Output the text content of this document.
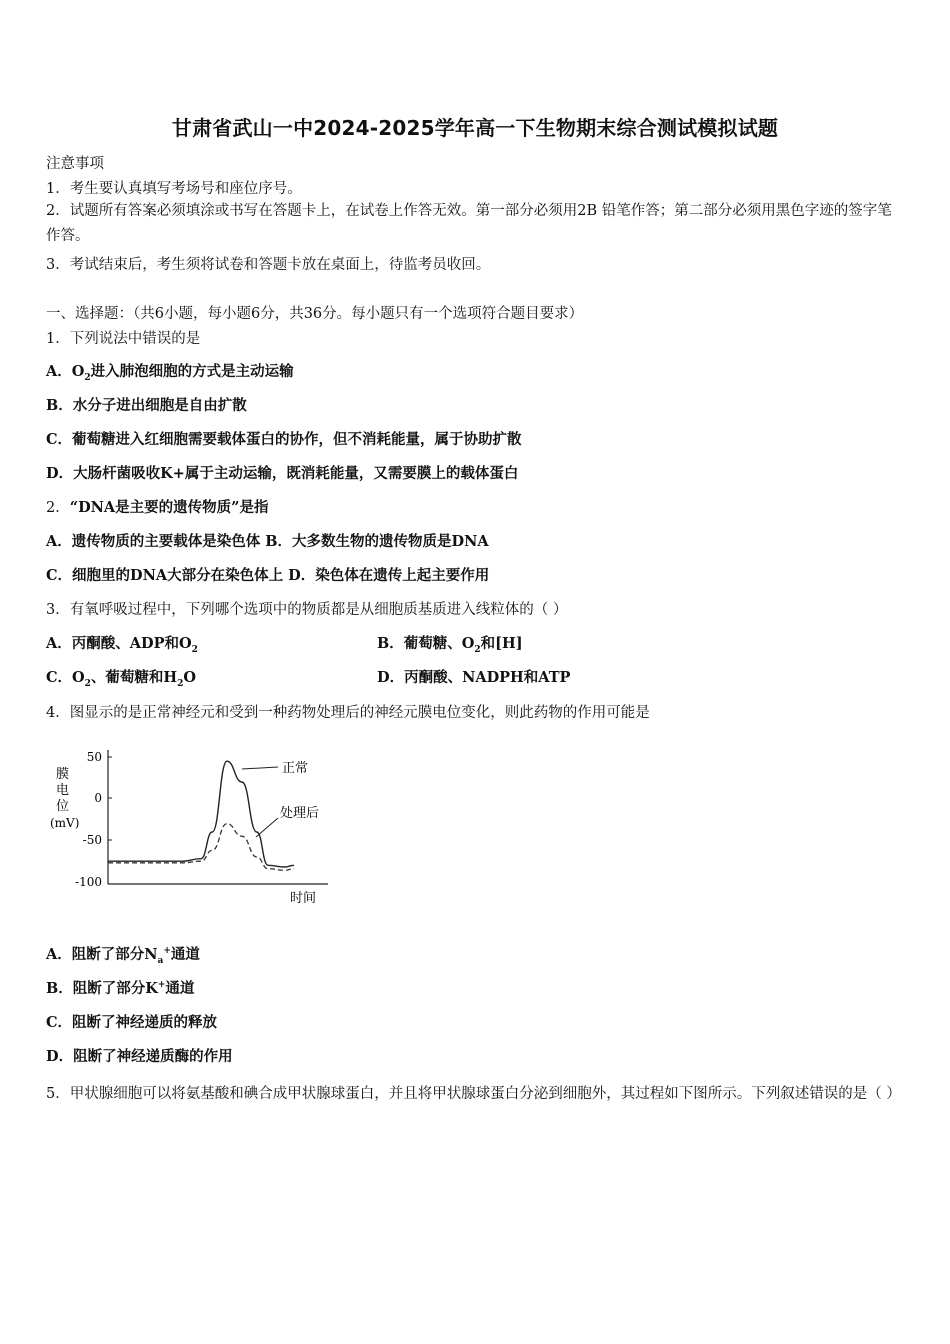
甘肃省武山一中2024-2025学年高一下生物期末综合测试模拟试题
注意事项
1．考生要认真填写考场号和座位序号。
2．试题所有答案必须填涂或书写在答题卡上，在试卷上作答无效。第一部分必须用2B 铅笔作答；第二部分必须用黑色字迹的签字笔作答。
3．考试结束后，考生须将试卷和答题卡放在桌面上，待监考员收回。
一、选择题：（共6小题，每小题6分，共36分。每小题只有一个选项符合题目要求）
1．下列说法中错误的是
A．$O_2$进入肺泡细胞的方式是主动运输
B．水分子进出细胞是自由扩散
C．葡萄糖进入红细胞需要载体蛋白的协作，但不消耗能量，属于协助扩散
D．大肠杆菌吸收K+属于主动运输，既消耗能量，又需要膜上的载体蛋白
2．“DNA是主要的遗传物质”是指
A．遗传物质的主要载体是染色体 B．大多数生物的遗传物质是DNA
C．细胞里的DNA大部分在染色体上 D．染色体在遗传上起主要作用
3．有氧呼吸过程中，下列哪个选项中的物质都是从细胞质基质进入线粒体的（ ）
A．丙酮酸、ADP和$O_2$	B．葡萄糖、$O_2$和[H]
C．$O_2$、葡萄糖和$H_2O$	D．丙酮酸、NADPH和ATP
4．图显示的是正常神经元和受到一种药物处理后的神经元膜电位变化，则此药物的作用可能是
膜
电
位
(mV)
50
0
-50
-100
正常
处理后
时间
A．阻断了部分$N_a^+$通道
B．阻断了部分K+通道
C．阻断了神经递质的释放
D．阻断了神经递质酶的作用
5．甲状腺细胞可以将氨基酸和碘合成甲状腺球蛋白，并且将甲状腺球蛋白分泌到细胞外，其过程如下图所示。下列叙述错误的是（ ）
